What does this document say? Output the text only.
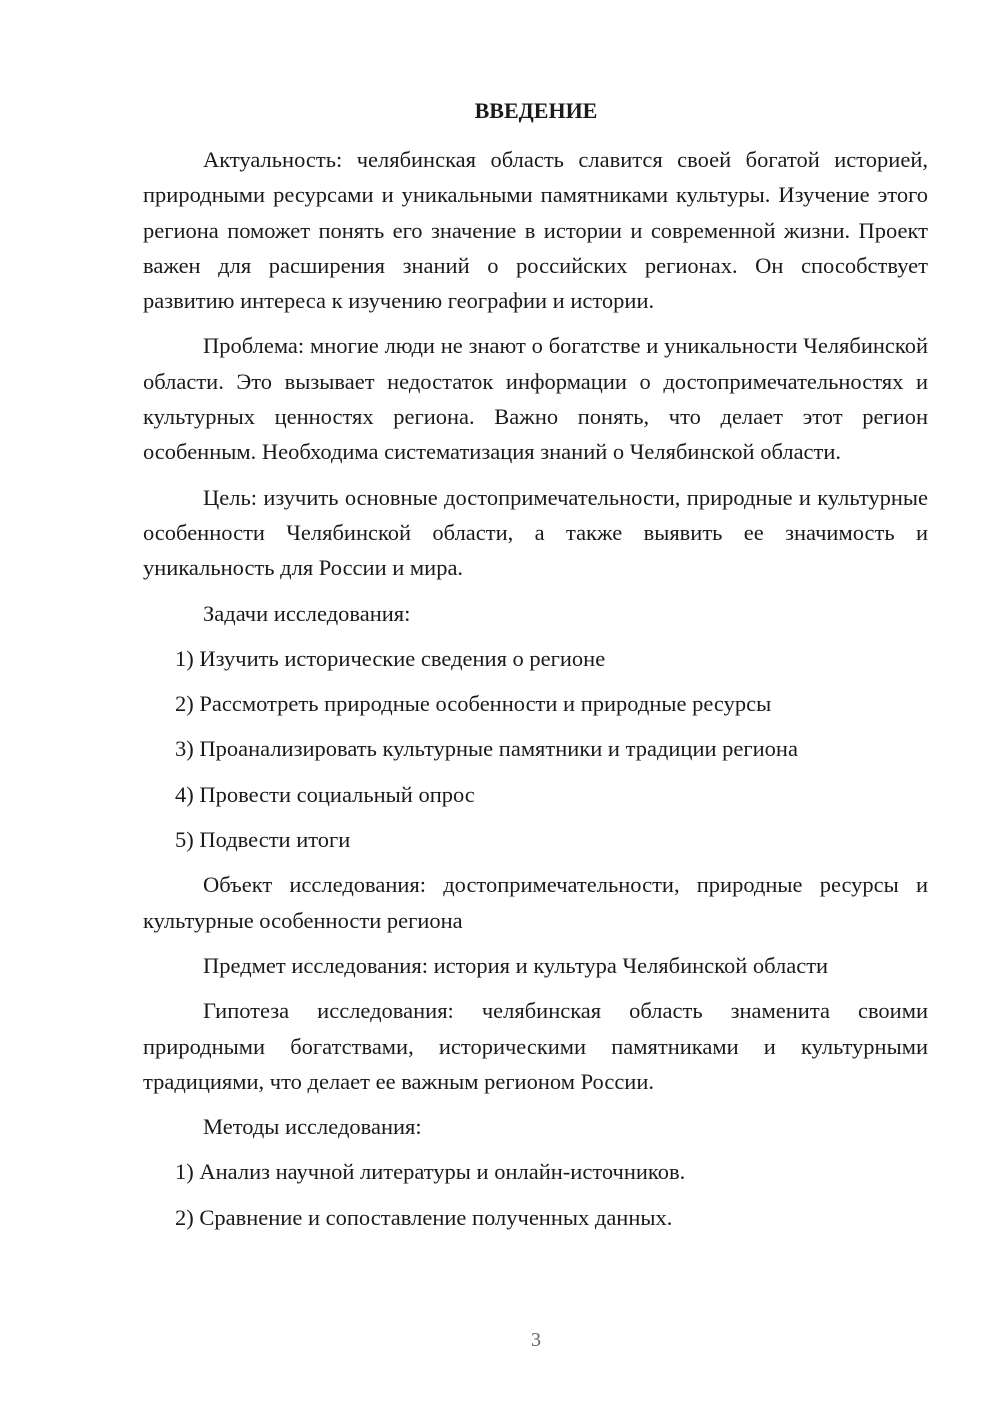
ВВЕДЕНИЕ

Актуальность: челябинская область славится своей богатой историей, природными ресурсами и уникальными памятниками культуры. Изучение этого региона поможет понять его значение в истории и современной жизни. Проект важен для расширения знаний о российских регионах. Он способствует развитию интереса к изучению географии и истории.

Проблема: многие люди не знают о богатстве и уникальности Челябинской области. Это вызывает недостаток информации о достопримечательностях и культурных ценностях региона. Важно понять, что делает этот регион особенным. Необходима систематизация знаний о Челябинской области.

Цель: изучить основные достопримечательности, природные и культурные особенности Челябинской области, а также выявить ее значимость и уникальность для России и мира.

Задачи исследования:

1) Изучить исторические сведения о регионе

2) Рассмотреть природные особенности и природные ресурсы

3) Проанализировать культурные памятники и традиции региона

4) Провести социальный опрос

5) Подвести итоги

Объект исследования: достопримечательности, природные ресурсы и культурные особенности региона

Предмет исследования: история и культура Челябинской области

Гипотеза исследования: челябинская область знаменита своими природными богатствами, историческими памятниками и культурными традициями, что делает ее важным регионом России.

Методы исследования:

1) Анализ научной литературы и онлайн-источников.

2) Сравнение и сопоставление полученных данных.

3
